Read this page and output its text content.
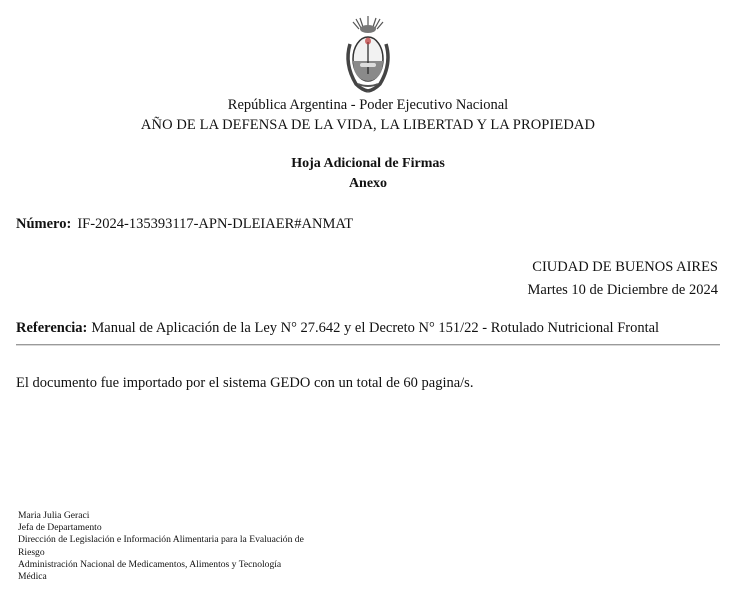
República Argentina - Poder Ejecutivo Nacional
AÑO DE LA DEFENSA DE LA VIDA, LA LIBERTAD Y LA PROPIEDAD
Hoja Adicional de Firmas
Anexo
Número: IF-2024-135393117-APN-DLEIAER#ANMAT
CIUDAD DE BUENOS AIRES
Martes 10 de Diciembre de 2024
Referencia: Manual de Aplicación de la Ley N° 27.642 y el Decreto N° 151/22 - Rotulado Nutricional Frontal
El documento fue importado por el sistema GEDO con un total de 60 pagina/s.
Maria Julia Geraci
Jefa de Departamento
Dirección de Legislación e Información Alimentaria para la Evaluación de
Riesgo
Administración Nacional de Medicamentos, Alimentos y Tecnología
Médica
